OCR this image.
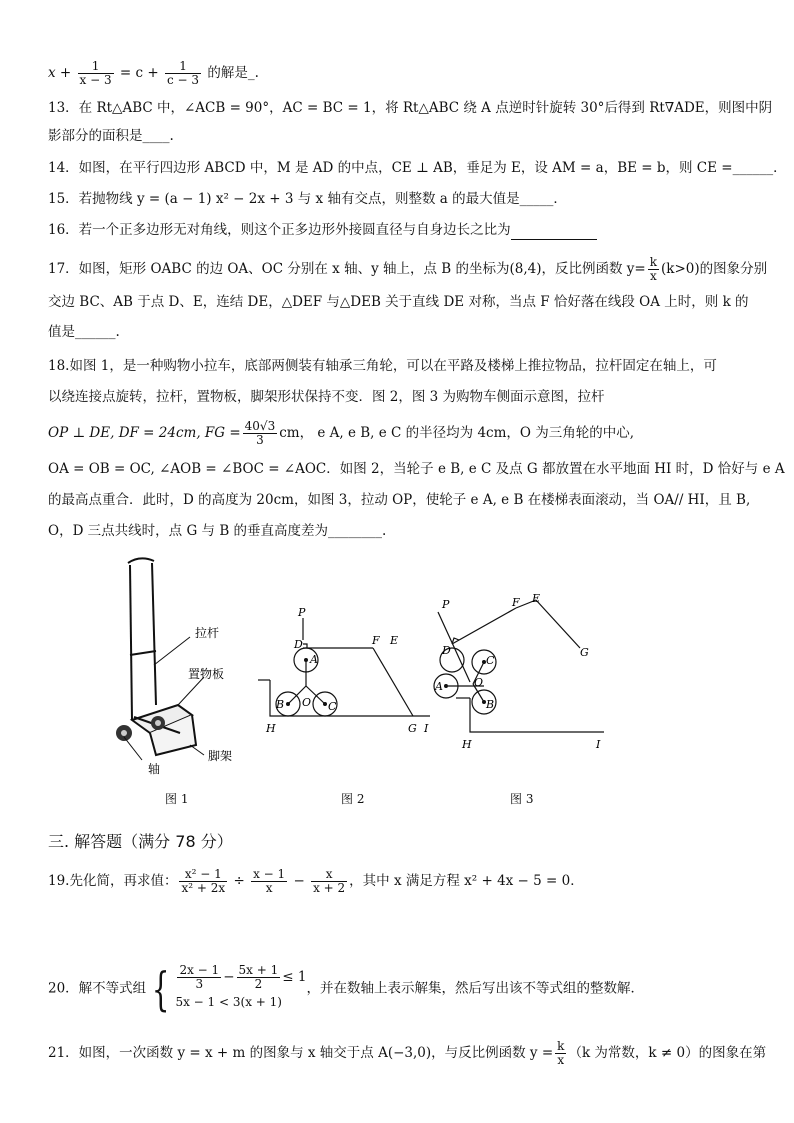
$x + \frac{1}{x - 3} = c + \frac{1}{c - 3}$ 的解是_.
13．在 Rt△ABC 中，∠ACB = 90°，AC = BC = 1，将 Rt△ABC 绕 A 点逆时针旋转 30°后得到 Rt∇ADE，则图中阴
影部分的面积是____.
14．如图，在平行四边形 ABCD 中，M 是 AD 的中点，CE ⊥ AB，垂足为 E，设 AM = a，BE = b，则 CE =______．
15．若抛物线 y = (a − 1) x² − 2x + 3 与 x 轴有交点，则整数 a 的最大值是_____．
16．若一个正多边形无对角线，则这个正多边形外接圆直径与自身边长之比为
17．如图，矩形 OABC 的边 OA、OC 分别在 x 轴、y 轴上，点 B 的坐标为(8,4)，反比例函数 $y= \frac{k}{x} (k>0)$的图象分别
交边 BC、AB 于点 D、E，连结 DE，△DEF 与△DEB 关于直线 DE 对称，当点 F 恰好落在线段 OA 上时，则 k 的
值是______.
18.如图 1，是一种购物小拉车，底部两侧装有轴承三角轮，可以在平路及楼梯上推拉物品，拉杆固定在轴上，可
以绕连接点旋转，拉杆，置物板，脚架形状保持不变．图 2，图 3 为购物车侧面示意图，拉杆
OP ⊥ DE, DF = 24cm, FG = $\frac{40√3}{3}$ cm， e A, e B, e C 的半径均为 4cm，O 为三角轮的中心,
OA = OB = OC, ∠AOB = ∠BOC = ∠AOC．如图 2，当轮子 e B, e C 及点 G 都放置在水平地面 HI 时，D 恰好与 e A
的最高点重合．此时，D 的高度为 20cm，如图 3，拉动 OP，使轮子 e A, e B 在楼梯表面滚动，当 OA// HI，且 B,
O，D 三点共线时，点 G 与 B 的垂直高度差为________.
拉杆
置物板
轴
脚架
图 1
P
D
A
F E
B O C
H	G I
图 2
P	F E
D
C
A	O
B
G
H	I
图 3
三. 解答题（满分 78 分）
19.先化简，再求值： $\frac{\text{x² − 1}}{\text{x² + 2x}} \div \frac{x - 1}{x} - \frac{x}{x + 2}$ ，其中 x 满足方程 x² + 4x − 5 = 0．
20．解不等式组 { $\frac{2x - 1}{3} - \frac{5x + 1}{2} \le 1$
5x − 1 < 3(x + 1)
，并在数轴上表示解集，然后写出该不等式组的整数解．
21．如图，一次函数 y = x + m 的图象与 x 轴交于点 A(−3,0)，与反比例函数 $y = \frac{k}{x} (k$ 为常数，k ≠ 0）的图象在第
